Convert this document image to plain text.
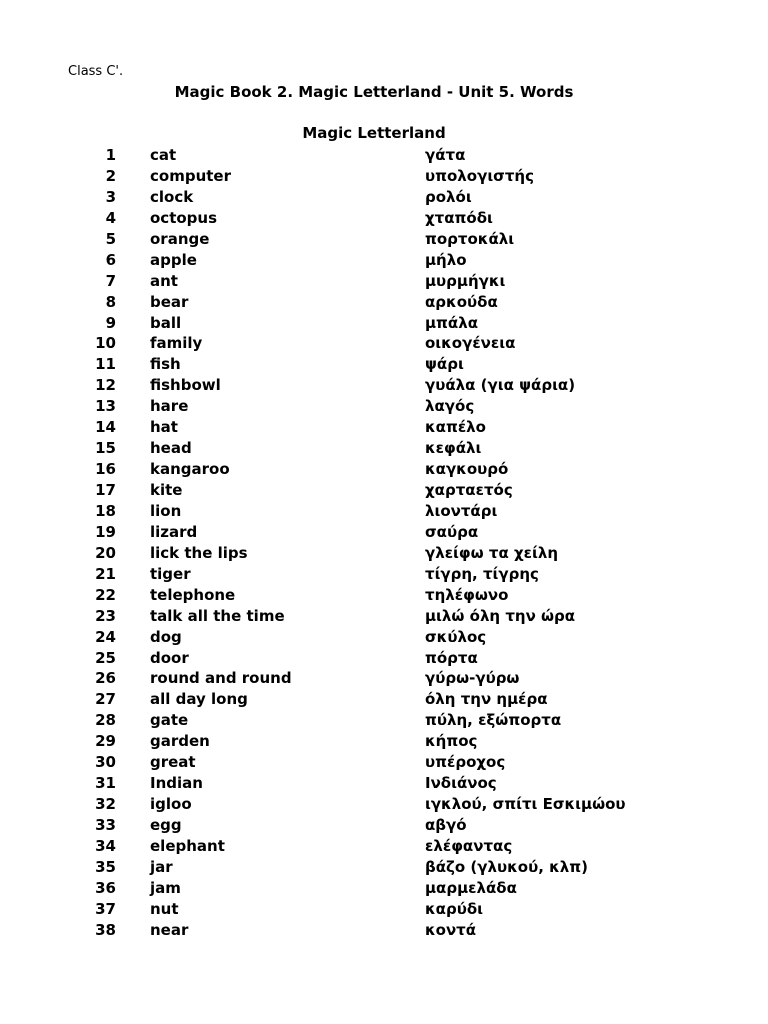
Class C'.
Magic Book 2. Magic Letterland - Unit 5. Words
Magic Letterland
1 cat	γάτα
2 computer	υπολογιστής
3 clock	ρολόι
4 octopus	χταπόδι
5 orange	πορτοκάλι
6 apple	μήλο
7 ant	μυρμήγκι
8 bear	αρκούδα
9 ball	μπάλα
10 family	οικογένεια
11 fish	ψάρι
12 fishbowl	γυάλα (για ψάρια)
13 hare	λαγός
14 hat	καπέλο
15 head	κεφάλι
16 kangaroo	καγκουρό
17 kite	χαρταετός
18 lion	λιοντάρι
19 lizard	σαύρα
20 lick the lips	γλείφω τα χείλη
21 tiger	τίγρη, τίγρης
22 telephone	τηλέφωνο
23 talk all the time	μιλώ όλη την ώρα
24 dog	σκύλος
25 door	πόρτα
26 round and round	γύρω-γύρω
27 all day long	όλη την ημέρα
28 gate	πύλη, εξώπορτα
29 garden	κήπος
30 great	υπέροχος
31 Indian	Ινδιάνος
32 igloo	ιγκλού, σπίτι Εσκιμώου
33 egg	αβγό
34 elephant	ελέφαντας
35 jar	βάζο (γλυκού, κλπ)
36 jam	μαρμελάδα
37 nut	καρύδι
38 near	κοντά
